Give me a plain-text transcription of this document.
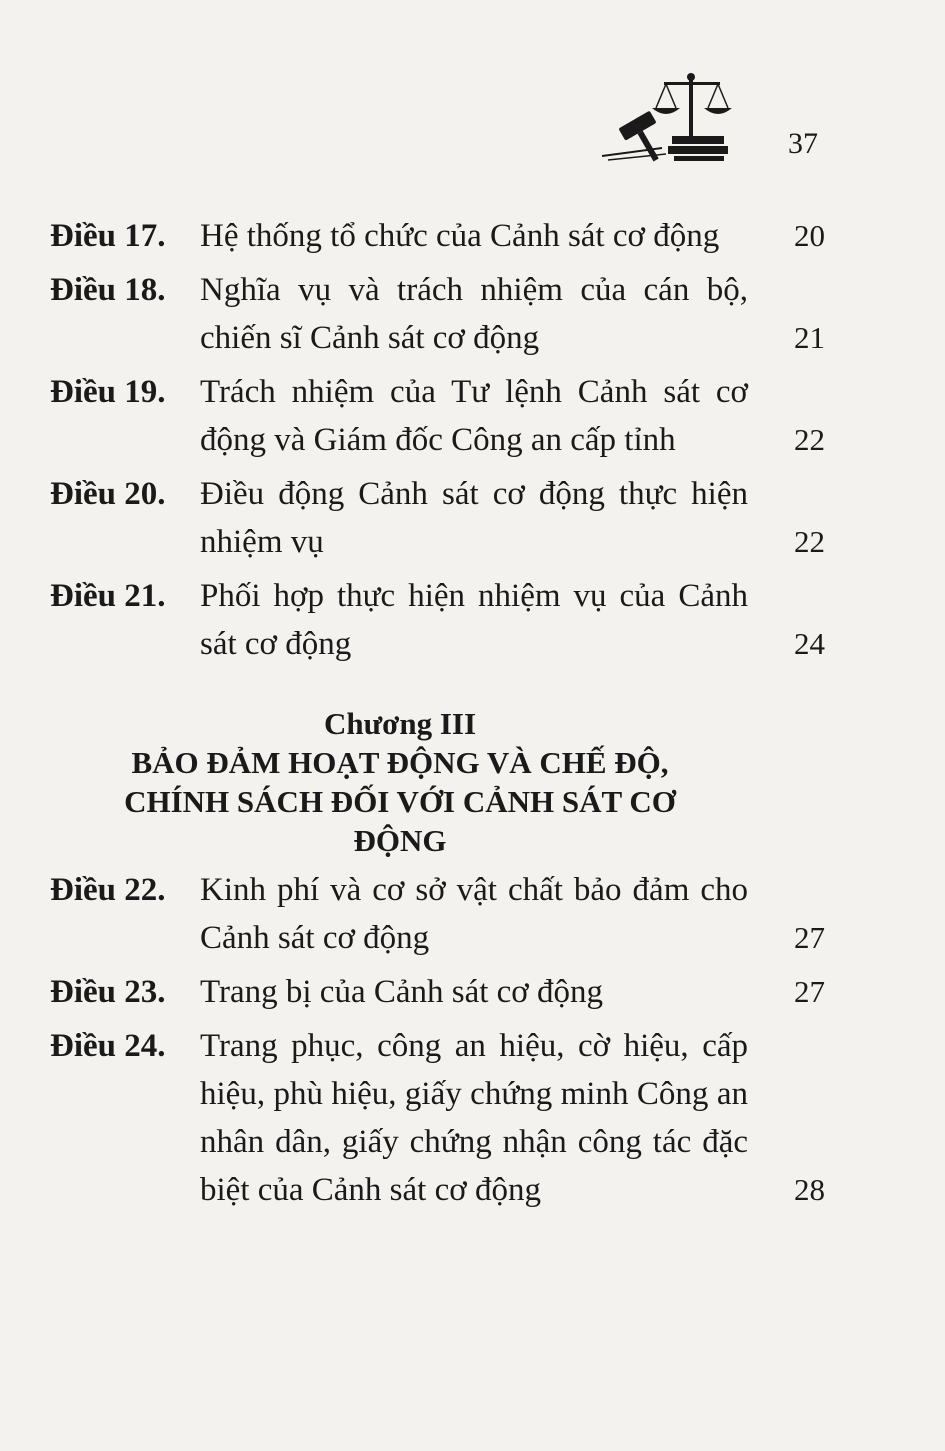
37
Điều 17.	Hệ thống tổ chức của Cảnh sát cơ động	20
Điều 18.	Nghĩa vụ và trách nhiệm của cán bộ, chiến sĩ Cảnh sát cơ động	21
Điều 19.	Trách nhiệm của Tư lệnh Cảnh sát cơ động và Giám đốc Công an cấp tỉnh	22
Điều 20.	Điều động Cảnh sát cơ động thực hiện nhiệm vụ	22
Điều 21.	Phối hợp thực hiện nhiệm vụ của Cảnh sát cơ động	24
Chương III
BẢO ĐẢM HOẠT ĐỘNG VÀ CHẾ ĐỘ, CHÍNH SÁCH ĐỐI VỚI CẢNH SÁT CƠ ĐỘNG
Điều 22.	Kinh phí và cơ sở vật chất bảo đảm cho Cảnh sát cơ động	27
Điều 23.	Trang bị của Cảnh sát cơ động	27
Điều 24.	Trang phục, công an hiệu, cờ hiệu, cấp hiệu, phù hiệu, giấy chứng minh Công an nhân dân, giấy chứng nhận công tác đặc biệt của Cảnh sát cơ động	28
